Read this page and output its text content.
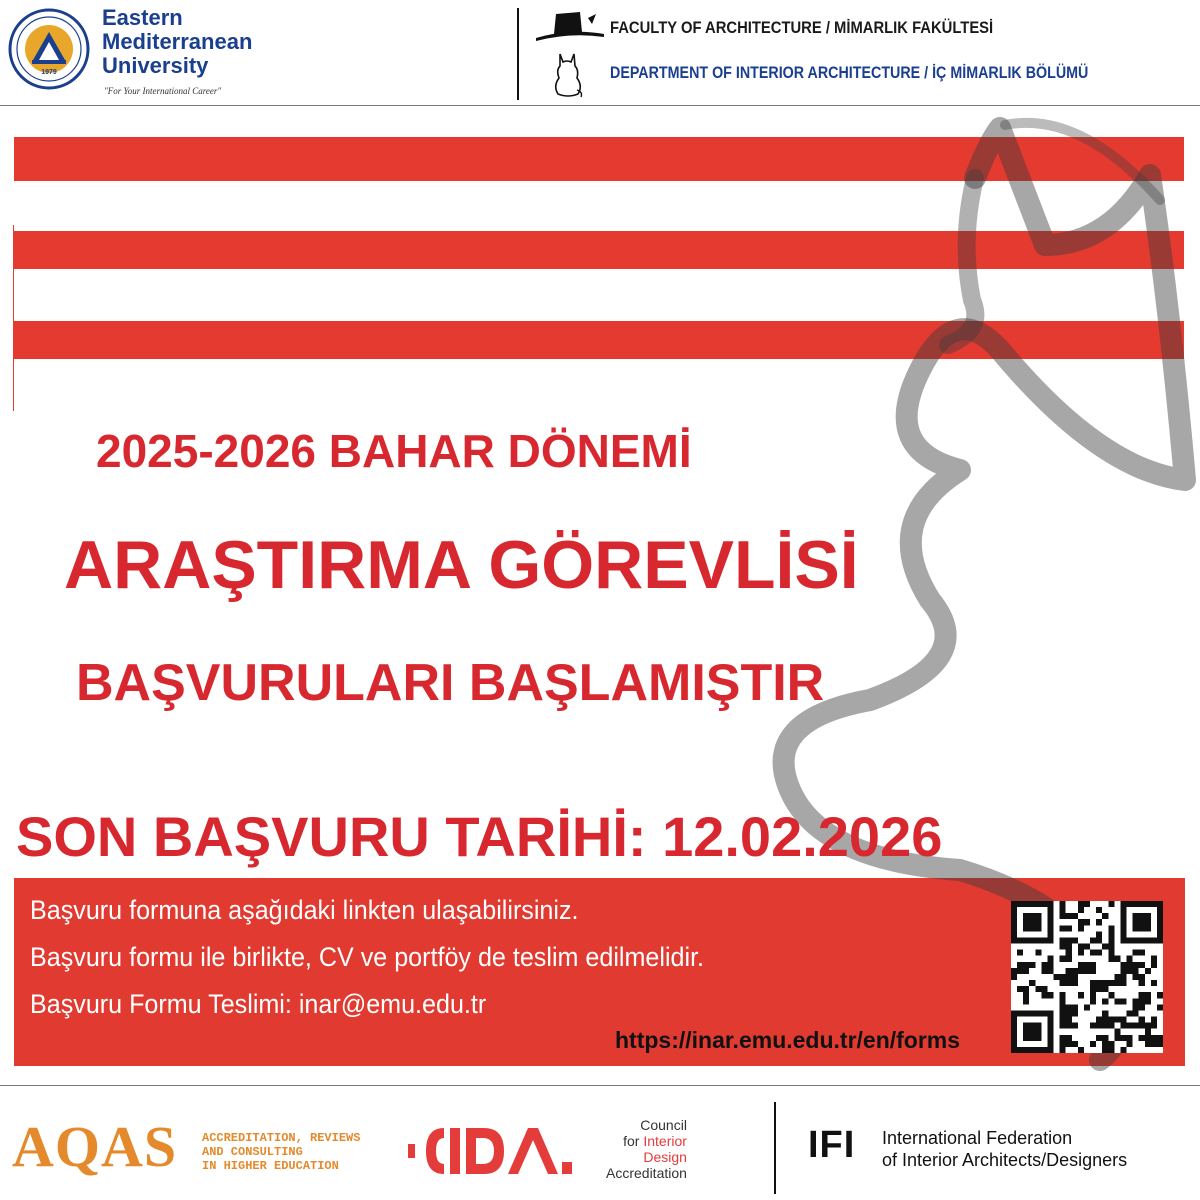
1979
Eastern
Mediterranean
University
"For Your International Career"
FACULTY OF ARCHITECTURE / MİMARLIK FAKÜLTESİ
DEPARTMENT OF INTERIOR ARCHITECTURE / İÇ MİMARLIK BÖLÜMÜ
2025-2026 BAHAR DÖNEMİ
ARAŞTIRMA GÖREVLİSİ
BAŞVURULARI BAŞLAMIŞTIR
SON BAŞVURU TARİHİ: 12.02.2026
Başvuru formuna aşağıdaki linkten ulaşabilirsiniz.
Başvuru formu ile birlikte, CV ve portföy de teslim edilmelidir.
Başvuru Formu Teslimi: inar@emu.edu.tr
https://inar.emu.edu.tr/en/forms
AQAS ACCREDITATION, REVIEWS
AND CONSULTING
IN HIGHER EDUCATION
Council
for Interior
Design
Accreditation
IFI International Federation
of Interior Architects/Designers
